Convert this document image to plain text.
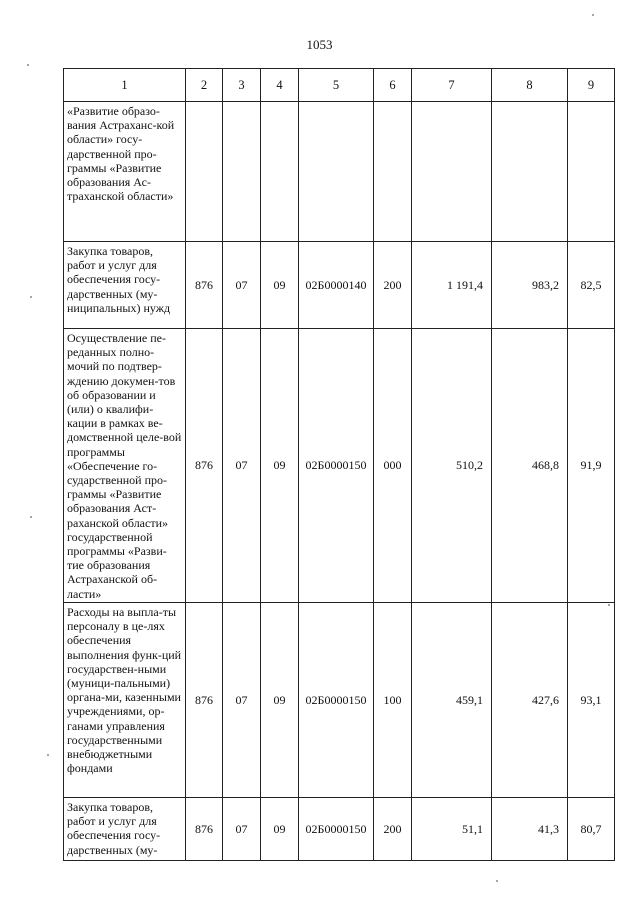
1053
1	2	3	4	5	6	7	8	9
«Развитие образо-вания Астраханс-кой области» госу-дарственной про-граммы «Развитие образования Ас-траханской области»								
Закупка товаров, работ и услуг для обеспечения госу-дарственных (му-ниципальных) нужд	876	07	09	02Б0000140	200	1 191,4	983,2	82,5
Осуществление пе-реданных полно-мочий по подтвер-ждению докумен-тов об образовании и (или) о квалифи-кации в рамках ве-домственной целе-вой программы «Обеспечение го-сударственной про-граммы «Развитие образования Аст-раханской области» государственной программы «Разви-тие образования Астраханской об-ласти»	876	07	09	02Б0000150	000	510,2	468,8	91,9
Расходы на выпла-ты персоналу в це-лях обеспечения выполнения функ-ций государствен-ными (муници-пальными) органа-ми, казенными учреждениями, ор-ганами управления государственными внебюджетными фондами	876	07	09	02Б0000150	100	459,1	427,6	93,1
Закупка товаров, работ и услуг для обеспечения госу-дарственных (му-	876	07	09	02Б0000150	200	51,1	41,3	80,7
